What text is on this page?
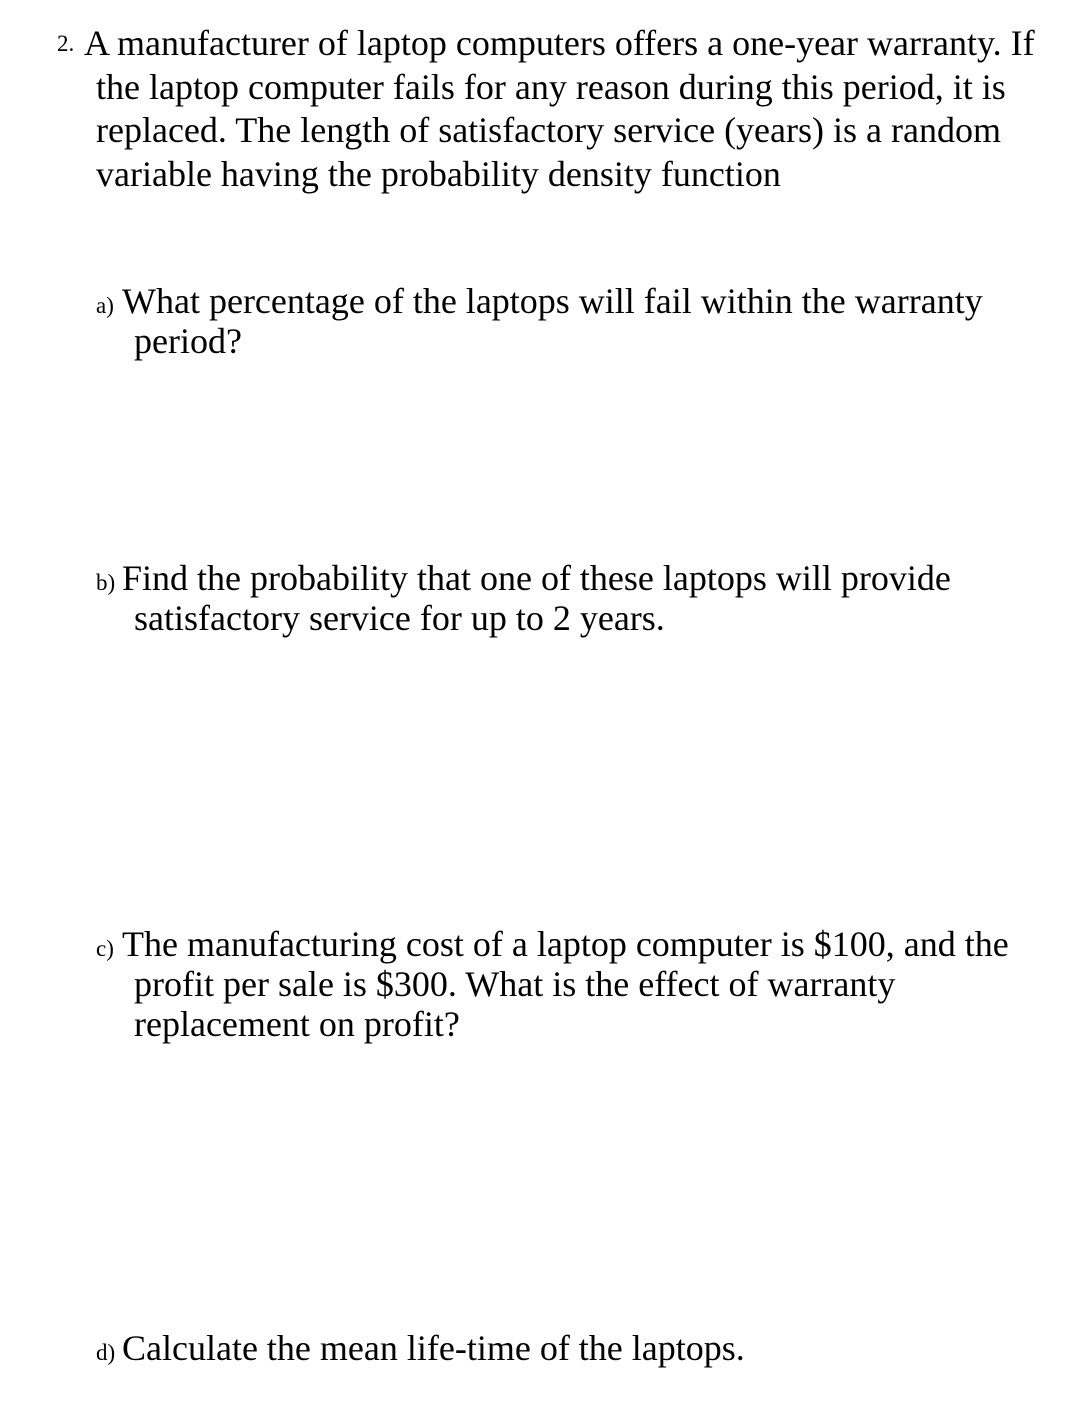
2. A manufacturer of laptop computers offers a one-year warranty. If the laptop computer fails for any reason during this period, it is replaced. The length of satisfactory service (years) is a random variable having the probability density function

a) What percentage of the laptops will fail within the warranty period?

b) Find the probability that one of these laptops will provide satisfactory service for up to 2 years.

c) The manufacturing cost of a laptop computer is $100, and the profit per sale is $300. What is the effect of warranty replacement on profit?

d) Calculate the mean life-time of the laptops.
